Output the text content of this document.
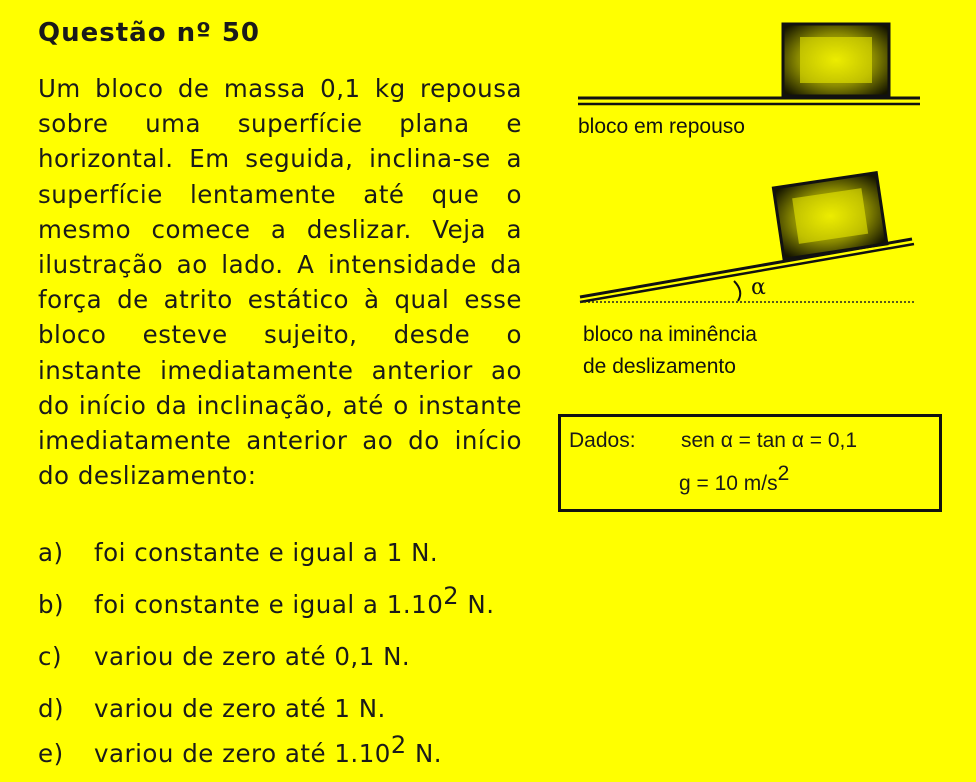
Questão nº 50
Um bloco de massa 0,1 kg repousa sobre uma superfície plana e horizontal. Em seguida, inclina-se a superfície lentamente até que o mesmo comece a deslizar. Veja a ilustração ao lado. A intensidade da força de atrito estático à qual esse bloco esteve sujeito, desde o instante imediatamente anterior ao do início da inclinação, até o instante imediatamente anterior ao do início do deslizamento:
a) foi constante e igual a 1 N.
b) foi constante e igual a 1.10$^2$ N.
c) variou de zero até 0,1 N.
d) variou de zero até 1 N.
e) variou de zero até 1.10$^2$ N.
α
bloco em repouso
bloco na iminência
de deslizamento
Dados: sen α = tan α = 0,1
g = 10 $m/s^2$
